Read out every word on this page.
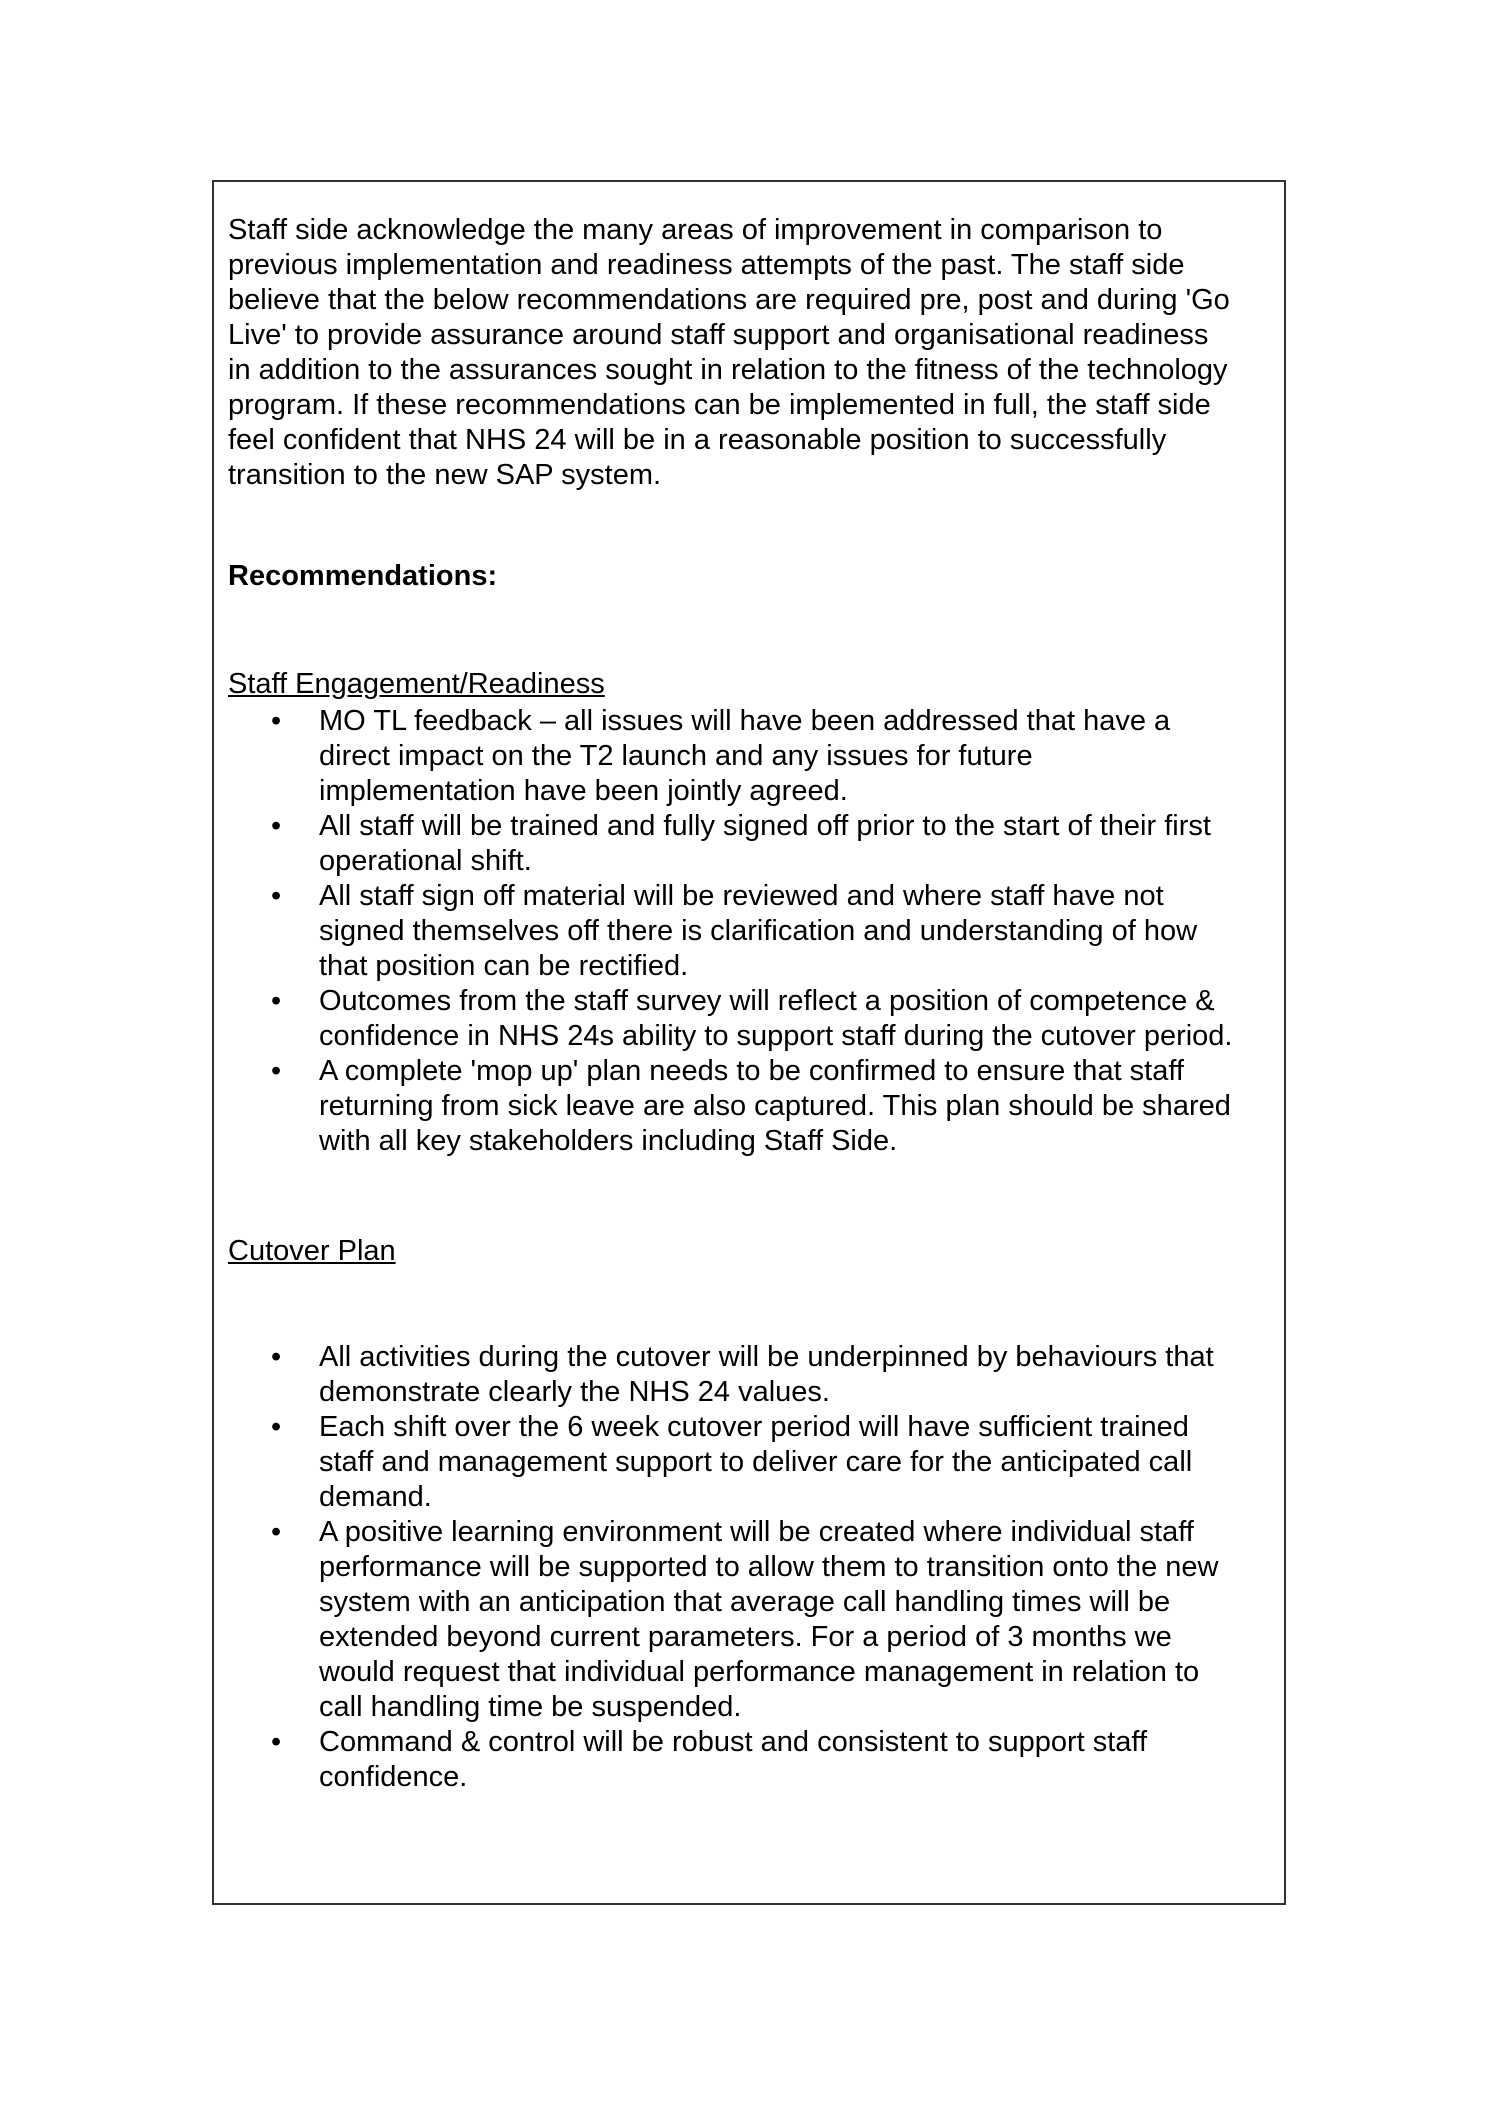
Staff side acknowledge the many areas of improvement in comparison to
previous implementation and readiness attempts of the past. The staff side
believe that the below recommendations are required pre, post and during 'Go
Live' to provide assurance around staff support and organisational readiness
in addition to the assurances sought in relation to the fitness of the technology
program. If these recommendations can be implemented in full, the staff side
feel confident that NHS 24 will be in a reasonable position to successfully
transition to the new SAP system.
Recommendations:
Staff Engagement/Readiness
• MO TL feedback – all issues will have been addressed that have a
direct impact on the T2 launch and any issues for future
implementation have been jointly agreed.
• All staff will be trained and fully signed off prior to the start of their first
operational shift.
• All staff sign off material will be reviewed and where staff have not
signed themselves off there is clarification and understanding of how
that position can be rectified.
• Outcomes from the staff survey will reflect a position of competence &
confidence in NHS 24s ability to support staff during the cutover period.
• A complete 'mop up' plan needs to be confirmed to ensure that staff
returning from sick leave are also captured. This plan should be shared
with all key stakeholders including Staff Side.
Cutover Plan
• All activities during the cutover will be underpinned by behaviours that
demonstrate clearly the NHS 24 values.
• Each shift over the 6 week cutover period will have sufficient trained
staff and management support to deliver care for the anticipated call
demand.
• A positive learning environment will be created where individual staff
performance will be supported to allow them to transition onto the new
system with an anticipation that average call handling times will be
extended beyond current parameters. For a period of 3 months we
would request that individual performance management in relation to
call handling time be suspended.
• Command & control will be robust and consistent to support staff
confidence.
